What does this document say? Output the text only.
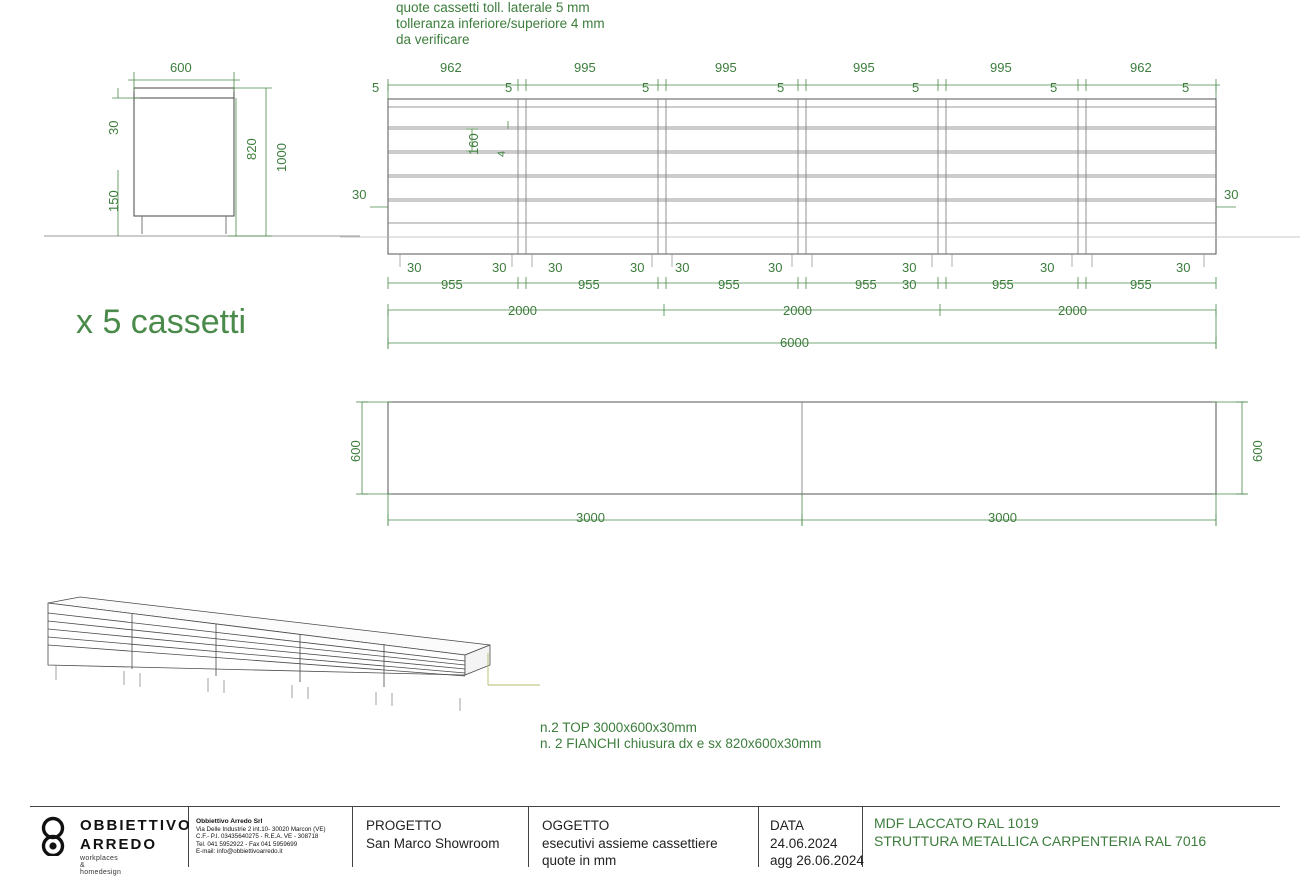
quote cassetti toll. laterale 5 mm
tolleranza inferiore/superiore 4 mm
da verificare
600
30
150
820 1000
962	995	995	995	995	962
5	5	5	5	5	5	5
160 4
30	30
30	30	30	30 30	30	30	30	30
30
955	955	955	955	955	955
2000	2000	2000
6000
x 5 cassetti
600	600
3000	3000
n.2 TOP 3000x600x30mm
n. 2 FIANCHI chiusura dx e sx 820x600x30mm
OBBIETTIVO
ARREDO
workplaces & homedesign
Obbiettivo Arredo Srl
Via Delle Industrie 2 int.10- 30020 Marcon (VE)
C.F.- P.I. 03435640275 - R.E.A. VE - 308718
Tel. 041 5952922 - Fax 041 5959699
E-mail: info@obbiettivoarredo.it
PROGETTO
San Marco Showroom
OGGETTO
esecutivi assieme cassettiere
quote in mm
DATA
24.06.2024
agg 26.06.2024
MDF LACCATO RAL 1019
STRUTTURA METALLICA CARPENTERIA RAL 7016
